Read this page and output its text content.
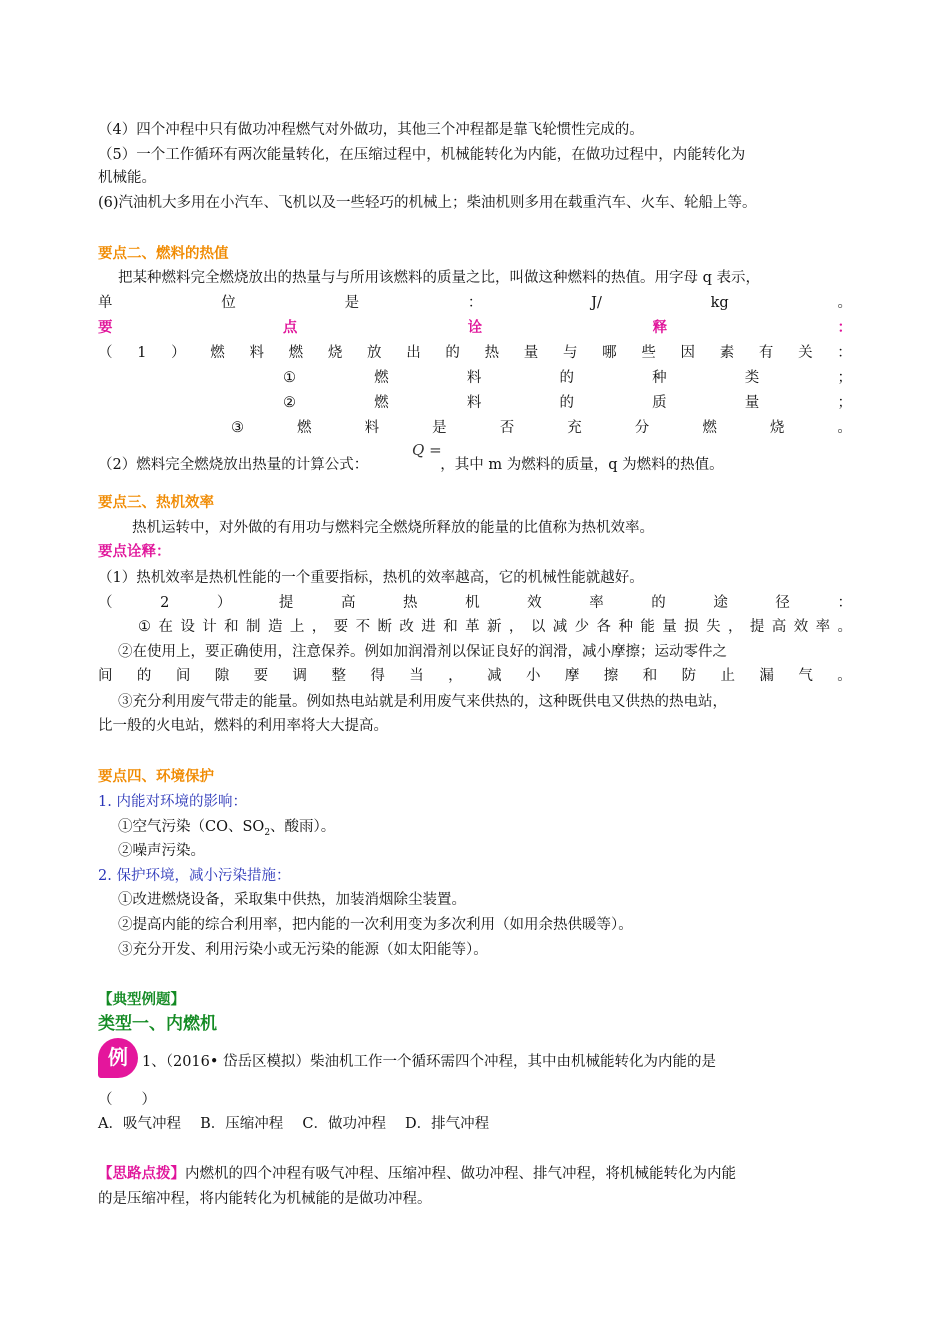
（4）四个冲程中只有做功冲程燃气对外做功，其他三个冲程都是靠飞轮惯性完成的。
（5）一个工作循环有两次能量转化，在压缩过程中，机械能转化为内能，在做功过程中，内能转化为
机械能。
(6)汽油机大多用在小汽车、飞机以及一些轻巧的机械上；柴油机则多用在载重汽车、火车、轮船上等。
要点二、燃料的热值
把某种燃料完全燃烧放出的热量与与所用该燃料的质量之比，叫做这种燃料的热值。用字母 q 表示，
单	位	是	：	J/	kg	。
要	点	诠	释	：
（ 1 ） 燃 料 燃 烧 放 出 的 热 量 与 哪 些 因 素 有 关 ：
①	燃	料	的	种	类	；
②	燃	料	的	质	量	；
③	燃	料	是	否	充	分	燃	烧	。
（2）燃料完全燃烧放出热量的计算公式：	，其中 m 为燃料的质量，q 为燃料的热值。
Q =
要点三、热机效率
热机运转中，对外做的有用功与燃料完全燃烧所释放的能量的比值称为热机效率。
要点诠释：
（1）热机效率是热机性能的一个重要指标，热机的效率越高，它的机械性能就越好。
（	2	）	提	高	热	机	效	率	的	途	径	：
① 在 设 计 和 制 造 上 ， 要 不 断 改 进 和 革 新 ， 以 减 少 各 种 能 量 损 失 ， 提 高 效 率 。
②在使用上，要正确使用，注意保养。例如加润滑剂以保证良好的润滑，减小摩擦；运动零件之
间 的 间 隙 要 调 整 得 当 ， 减 小 摩 擦 和 防 止 漏 气 。
③充分利用废气带走的能量。例如热电站就是利用废气来供热的，这种既供电又供热的热电站，
比一般的火电站，燃料的利用率将大大提高。
要点四、环境保护
1. 内能对环境的影响：
①空气污染（CO、$SO_2$、酸雨）。
②噪声污染。
2. 保护环境，减小污染措施：
①改进燃烧设备，采取集中供热，加装消烟除尘装置。
②提高内能的综合利用率，把内能的一次利用变为多次利用（如用余热供暖等）。
③充分开发、利用污染小或无污染的能源（如太阳能等）。
【典型例题】
类型一、内燃机
例 1、（2016• 岱岳区模拟）柴油机工作一个循环需四个冲程，其中由机械能转化为内能的是
（　　）
A．吸气冲程　 B．压缩冲程　 C．做功冲程　 D．排气冲程
【思路点拨】内燃机的四个冲程有吸气冲程、压缩冲程、做功冲程、排气冲程，将机械能转化为内能
的是压缩冲程，将内能转化为机械能的是做功冲程。
